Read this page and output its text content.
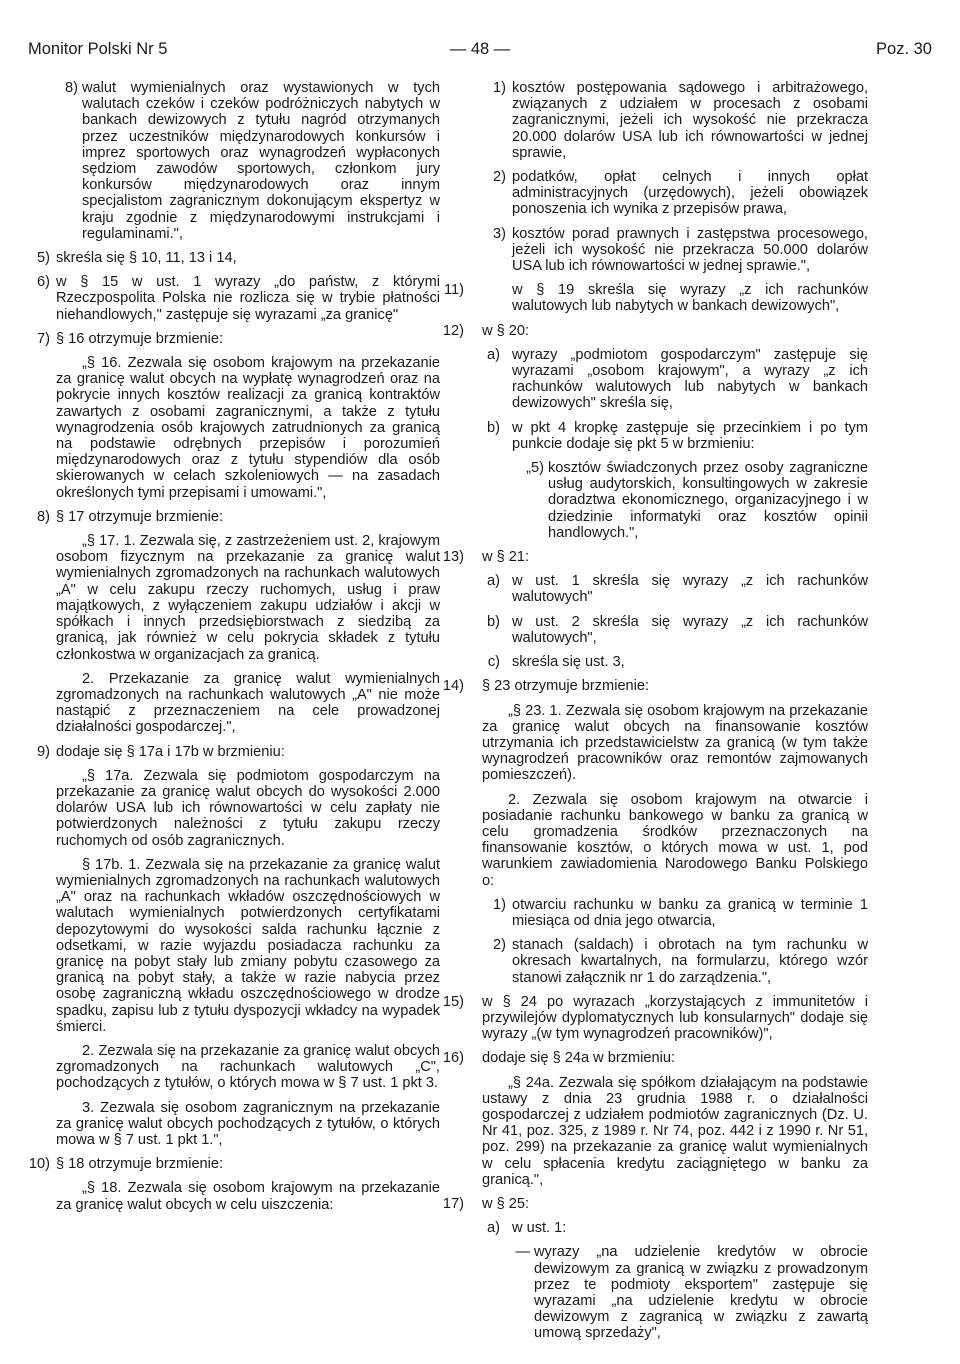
Monitor Polski Nr 5	— 48 —	Poz. 30
8) walut wymienialnych oraz wystawionych w tych walutach czeków i czeków podróżniczych nabytych w bankach dewizowych z tytułu nagród otrzymanych przez uczestników międzynarodowych konkursów i imprez sportowych oraz wynagrodzeń wypłaconych sędziom zawodów sportowych, członkom jury konkursów międzynarodowych oraz innym specjalistom zagranicznym dokonującym ekspertyz w kraju zgodnie z międzynarodowymi instrukcjami i regulaminami.",
5) skreśla się § 10, 11, 13 i 14,
6) w § 15 w ust. 1 wyrazy „do państw, z którymi Rzeczpospolita Polska nie rozlicza się w trybie płatności niehandlowych," zastępuje się wyrazami „za granicę"
7) § 16 otrzymuje brzmienie:
„§ 16. Zezwala się osobom krajowym na przekazanie za granicę walut obcych na wypłatę wynagrodzeń oraz na pokrycie innych kosztów realizacji za granicą kontraktów zawartych z osobami zagranicznymi, a także z tytułu wynagrodzenia osób krajowych zatrudnionych za granicą na podstawie odrębnych przepisów i porozumień międzynarodowych oraz z tytułu stypendiów dla osób skierowanych w celach szkoleniowych — na zasadach określonych tymi przepisami i umowami.",
8) § 17 otrzymuje brzmienie:
„§ 17. 1. Zezwala się, z zastrzeżeniem ust. 2, krajowym osobom fizycznym na przekazanie za granicę walut wymienialnych zgromadzonych na rachunkach walutowych „A" w celu zakupu rzeczy ruchomych, usług i praw majątkowych, z wyłączeniem zakupu udziałów i akcji w spółkach i innych przedsiębiorstwach z siedzibą za granicą, jak również w celu pokrycia składek z tytułu członkostwa w organizacjach za granicą.
2. Przekazanie za granicę walut wymienialnych zgromadzonych na rachunkach walutowych „A" nie może nastąpić z przeznaczeniem na cele prowadzonej działalności gospodarczej.",
9) dodaje się § 17a i 17b w brzmieniu:
„§ 17a. Zezwala się podmiotom gospodarczym na przekazanie za granicę walut obcych do wysokości 2.000 dolarów USA lub ich równowartości w celu zapłaty nie potwierdzonych należności z tytułu zakupu rzeczy ruchomych od osób zagranicznych.
§ 17b. 1. Zezwala się na przekazanie za granicę walut wymienialnych zgromadzonych na rachunkach walutowych „A" oraz na rachunkach wkładów oszczędnościowych w walutach wymienialnych potwierdzonych certyfikatami depozytowymi do wysokości salda rachunku łącznie z odsetkami, w razie wyjazdu posiadacza rachunku za granicę na pobyt stały lub zmiany pobytu czasowego za granicą na pobyt stały, a także w razie nabycia przez osobę zagraniczną wkładu oszczędnościowego w drodze spadku, zapisu lub z tytułu dyspozycji wkładcy na wypadek śmierci.
2. Zezwala się na przekazanie za granicę walut obcych zgromadzonych na rachunkach walutowych „C", pochodzących z tytułów, o których mowa w § 7 ust. 1 pkt 3.
3. Zezwala się osobom zagranicznym na przekazanie za granicę walut obcych pochodzących z tytułów, o których mowa w § 7 ust. 1 pkt 1.",
10) § 18 otrzymuje brzmienie:
„§ 18. Zezwala się osobom krajowym na przekazanie za granicę walut obcych w celu uiszczenia:
1) kosztów postępowania sądowego i arbitrażowego, związanych z udziałem w procesach z osobami zagranicznymi, jeżeli ich wysokość nie przekracza 20.000 dolarów USA lub ich równowartości w jednej sprawie,
2) podatków, opłat celnych i innych opłat administracyjnych (urzędowych), jeżeli obowiązek ponoszenia ich wynika z przepisów prawa,
3) kosztów porad prawnych i zastępstwa procesowego, jeżeli ich wysokość nie przekracza 50.000 dolarów USA lub ich równowartości w jednej sprawie.",
11)	w § 19 skreśla się wyrazy „z ich rachunków walutowych lub nabytych w bankach dewizowych",
12) w § 20:
a) wyrazy „podmiotom gospodarczym" zastępuje się wyrazami „osobom krajowym", a wyrazy „z ich rachunków walutowych lub nabytych w bankach dewizowych" skreśla się,
b) w pkt 4 kropkę zastępuje się przecinkiem i po tym punkcie dodaje się pkt 5 w brzmieniu:
„5) kosztów świadczonych przez osoby zagraniczne usług audytorskich, konsultingowych w zakresie doradztwa ekonomicznego, organizacyjnego i w dziedzinie informatyki oraz kosztów opinii handlowych.",
13) w § 21:
a) w ust. 1 skreśla się wyrazy „z ich rachunków walutowych"
b) w ust. 2 skreśla się wyrazy „z ich rachunków walutowych",
c) skreśla się ust. 3,
14) § 23 otrzymuje brzmienie:
„§ 23. 1. Zezwala się osobom krajowym na przekazanie za granicę walut obcych na finansowanie kosztów utrzymania ich przedstawicielstw za granicą (w tym także wynagrodzeń pracowników oraz remontów zajmowanych pomieszczeń).
2. Zezwala się osobom krajowym na otwarcie i posiadanie rachunku bankowego w banku za granicą w celu gromadzenia środków przeznaczonych na finansowanie kosztów, o których mowa w ust. 1, pod warunkiem zawiadomienia Narodowego Banku Polskiego o:
1) otwarciu rachunku w banku za granicą w terminie 1 miesiąca od dnia jego otwarcia,
2) stanach (saldach) i obrotach na tym rachunku w okresach kwartalnych, na formularzu, którego wzór stanowi załącznik nr 1 do zarządzenia.",
15) w § 24 po wyrazach „korzystających z immunitetów i przywilejów dyplomatycznych lub konsularnych" dodaje się wyrazy „(w tym wynagrodzeń pracowników)",
16) dodaje się § 24a w brzmieniu:
„§ 24a. Zezwala się spółkom działającym na podstawie ustawy z dnia 23 grudnia 1988 r. o działalności gospodarczej z udziałem podmiotów zagranicznych (Dz. U. Nr 41, poz. 325, z 1989 r. Nr 74, poz. 442 i z 1990 r. Nr 51, poz. 299) na przekazanie za granicę walut wymienialnych w celu spłacenia kredytu zaciągniętego w banku za granicą.",
17) w § 25:
a) w ust. 1:
— wyrazy „na udzielenie kredytów w obrocie dewizowym za granicą w związku z prowadzonym przez te podmioty eksportem" zastępuje się wyrazami „na udzielenie kredytu w obrocie dewizowym z zagranicą w związku z zawartą umową sprzedaży",
